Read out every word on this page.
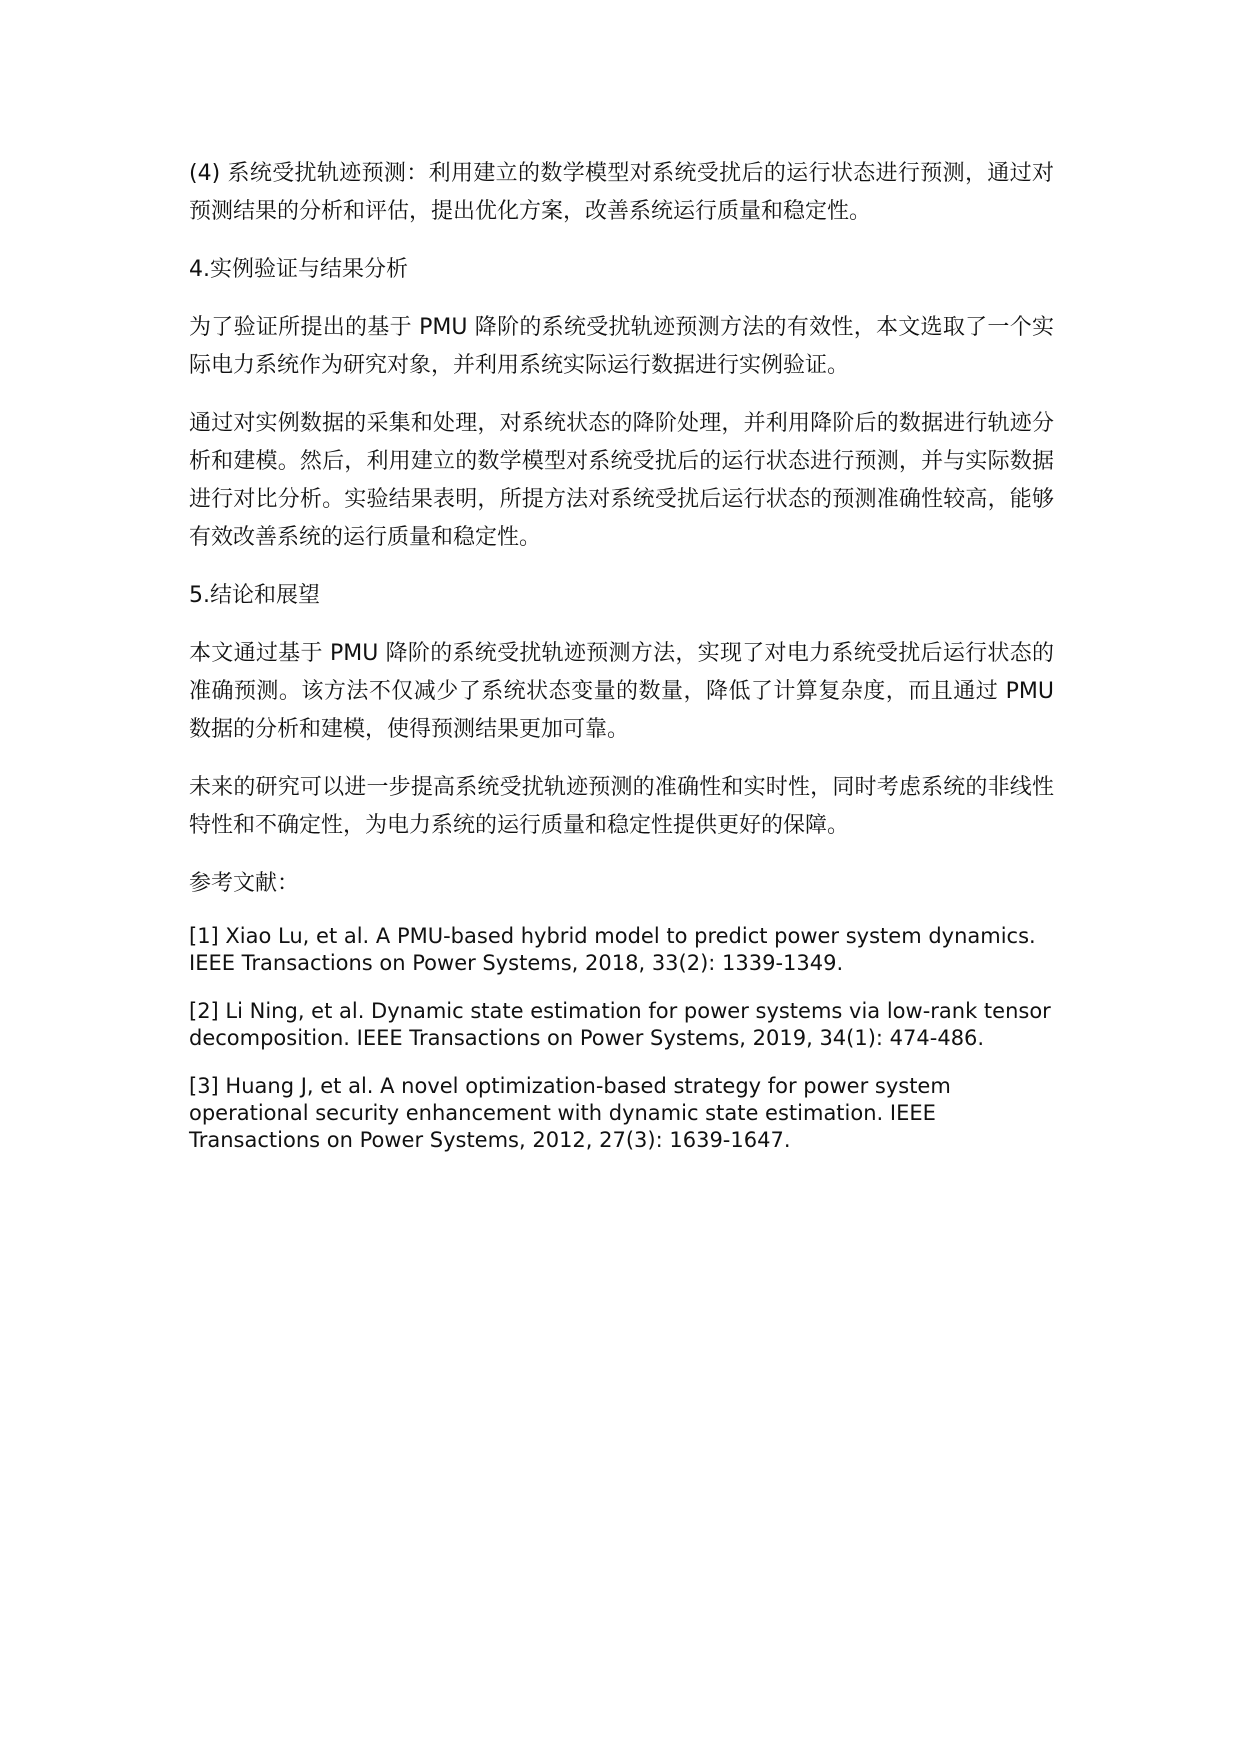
(4) 系统受扰轨迹预测：利用建立的数学模型对系统受扰后的运行状态进行预测，通过对预测结果的分析和评估，提出优化方案，改善系统运行质量和稳定性。

4.实例验证与结果分析

为了验证所提出的基于 PMU 降阶的系统受扰轨迹预测方法的有效性，本文选取了一个实际电力系统作为研究对象，并利用系统实际运行数据进行实例验证。

通过对实例数据的采集和处理，对系统状态的降阶处理，并利用降阶后的数据进行轨迹分析和建模。然后，利用建立的数学模型对系统受扰后的运行状态进行预测，并与实际数据进行对比分析。实验结果表明，所提方法对系统受扰后运行状态的预测准确性较高，能够有效改善系统的运行质量和稳定性。

5.结论和展望

本文通过基于 PMU 降阶的系统受扰轨迹预测方法，实现了对电力系统受扰后运行状态的准确预测。该方法不仅减少了系统状态变量的数量，降低了计算复杂度，而且通过 PMU 数据的分析和建模，使得预测结果更加可靠。

未来的研究可以进一步提高系统受扰轨迹预测的准确性和实时性，同时考虑系统的非线性特性和不确定性，为电力系统的运行质量和稳定性提供更好的保障。

参考文献：

[1] Xiao Lu, et al. A PMU-based hybrid model to predict power system dynamics. IEEE Transactions on Power Systems, 2018, 33(2): 1339-1349.

[2] Li Ning, et al. Dynamic state estimation for power systems via low-rank tensor decomposition. IEEE Transactions on Power Systems, 2019, 34(1): 474-486.

[3] Huang J, et al. A novel optimization-based strategy for power system operational security enhancement with dynamic state estimation. IEEE Transactions on Power Systems, 2012, 27(3): 1639-1647.
